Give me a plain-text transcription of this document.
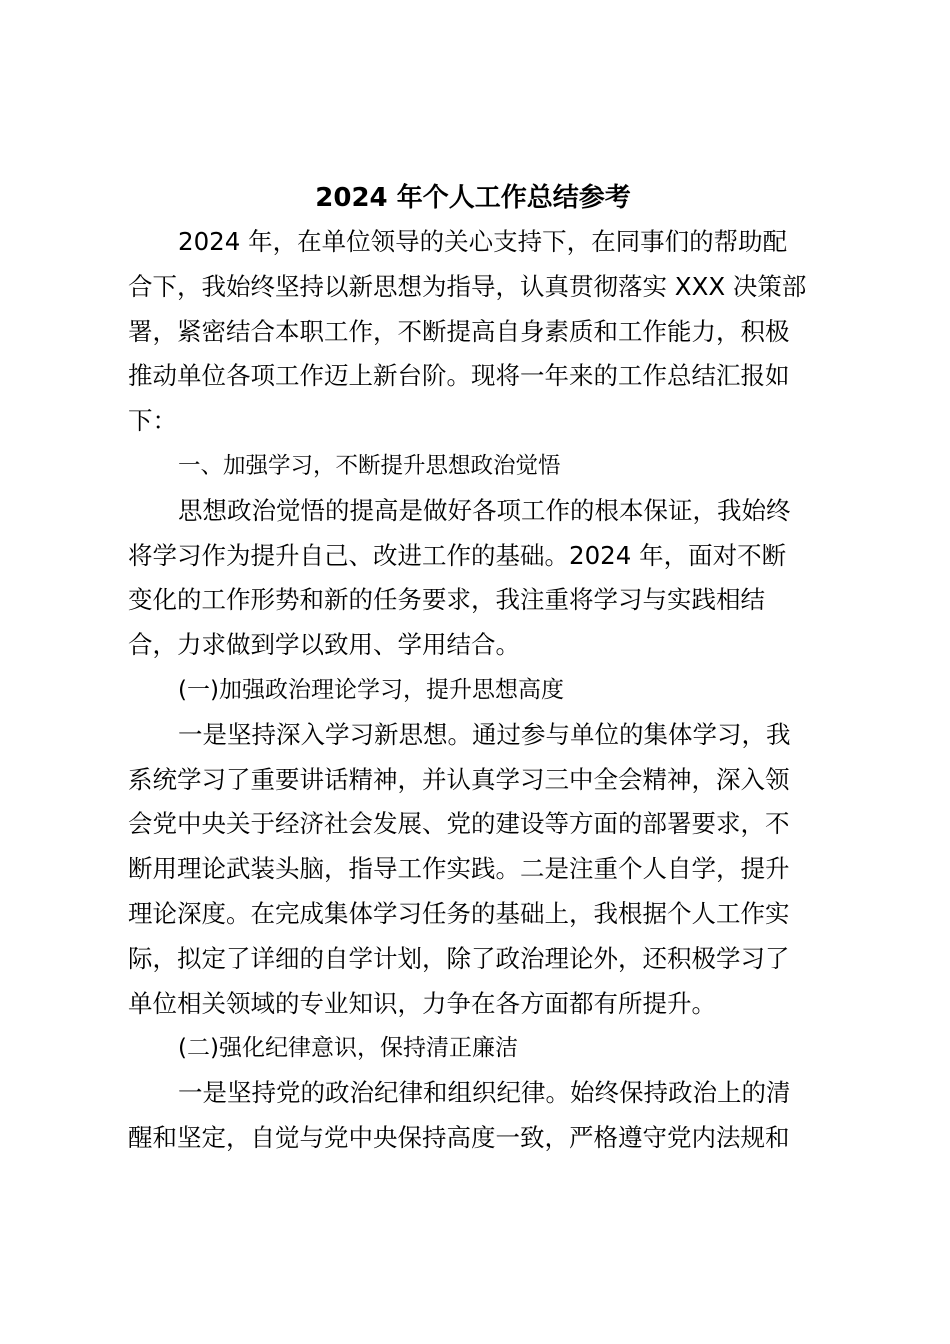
2024 年个人工作总结参考

2024 年，在单位领导的关心支持下，在同事们的帮助配

合下，我始终坚持以新思想为指导，认真贯彻落实 XXX 决策部

署，紧密结合本职工作，不断提高自身素质和工作能力，积极

推动单位各项工作迈上新台阶。现将一年来的工作总结汇报如

下：

一、加强学习，不断提升思想政治觉悟

思想政治觉悟的提高是做好各项工作的根本保证，我始终

将学习作为提升自己、改进工作的基础。2024 年，面对不断

变化的工作形势和新的任务要求，我注重将学习与实践相结

合，力求做到学以致用、学用结合。

(一)加强政治理论学习，提升思想高度

一是坚持深入学习新思想。通过参与单位的集体学习，我

系统学习了重要讲话精神，并认真学习三中全会精神，深入领

会党中央关于经济社会发展、党的建设等方面的部署要求，不

断用理论武装头脑，指导工作实践。二是注重个人自学，提升

理论深度。在完成集体学习任务的基础上，我根据个人工作实

际，拟定了详细的自学计划，除了政治理论外，还积极学习了

单位相关领域的专业知识，力争在各方面都有所提升。

(二)强化纪律意识，保持清正廉洁

一是坚持党的政治纪律和组织纪律。始终保持政治上的清

醒和坚定，自觉与党中央保持高度一致，严格遵守党内法规和
